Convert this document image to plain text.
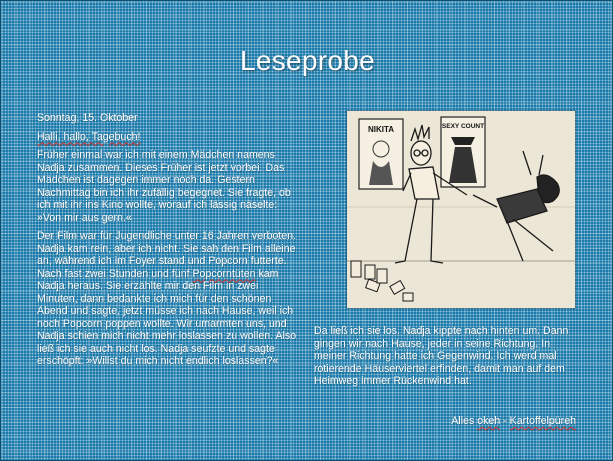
Leseprobe

Sonntag, 15. Oktober

Halli, hallo, Tagebuch!

Früher einmal war ich mit einem Mädchen namens Nadja zusammen. Dieses Früher ist jetzt vorbei. Das Mädchen ist dagegen immer noch da. Gestern Nachmittag bin ich ihr zufällig begegnet. Sie fragte, ob ich mit ihr ins Kino wollte, worauf ich lässig näselte: »Von mir aus gern.«

Der Film war für Jugendliche unter 16 Jahren verboten. Nadja kam rein, aber ich nicht. Sie sah den Film alleine an, während ich im Foyer stand und Popcorn futterte. Nach fast zwei Stunden und fünf Popcorntüten kam Nadja heraus. Sie erzählte mir den Film in zwei Minuten, dann bedankte ich mich für den schönen Abend und sagte, jetzt müsse ich nach Hause, weil ich noch Popcorn poppen wollte. Wir umarmten uns, und Nadja schien mich nicht mehr loslassen zu wollen. Also ließ ich sie auch nicht los. Nadja seufzte und sagte erschöpft: »Willst du mich nicht endlich loslassen?«

NIKITA	SEXY COUNT

Da ließ ich sie los. Nadja kippte nach hinten um. Dann gingen wir nach Hause, jeder in seine Richtung. In meiner Richtung hatte ich Gegenwind. Ich werd mal rotierende Häuserviertel erfinden, damit man auf dem Heimweg immer Rückenwind hat.

Alles okeh - Kartoffelpüreh
